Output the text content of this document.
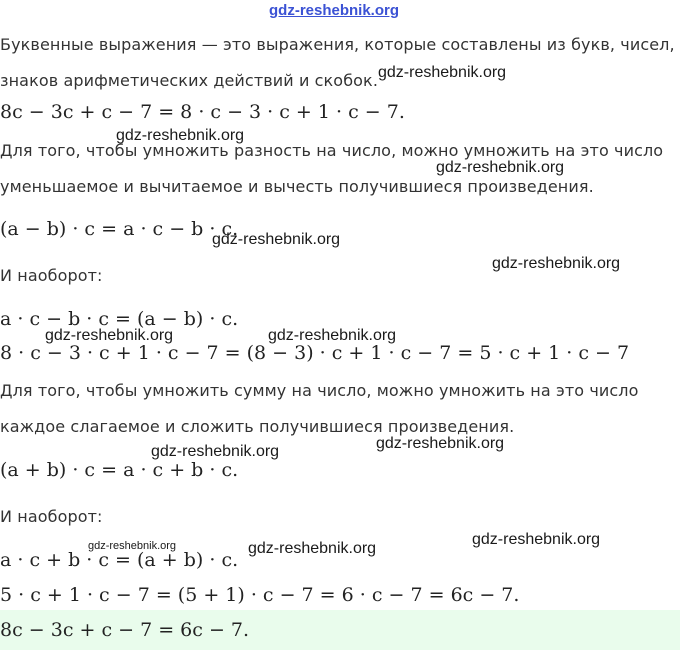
Буквенные выражения — это выражения, которые составлены из букв, чисел,
знаков арифметических действий и скобок.
Для того, чтобы умножить разность на число, можно умножить на это число
уменьшаемое и вычитаемое и вычесть получившиеся произведения.
И наоборот:
Для того, чтобы умножить сумму на число, можно умножить на это число
каждое слагаемое и сложить получившиеся произведения.
И наоборот:
8c − 3c + c − 7 = 8 · c − 3 · c + 1 · c − 7.
(a − b) · c = a · c − b · c.
a · c − b · c = (a − b) · c.
8 · c − 3 · c + 1 · c − 7 = (8 − 3) · c + 1 · c − 7 = 5 · c + 1 · c − 7
(a + b) · c = a · c + b · c.
a · c + b · c = (a + b) · c.
5 · c + 1 · c − 7 = (5 + 1) · c − 7 = 6 · c − 7 = 6c − 7.
8c − 3c + c − 7 = 6c − 7.
gdz-reshebnik.org
gdz-reshebnik.org
gdz-reshebnik.org
gdz-reshebnik.org
gdz-reshebnik.org
gdz-reshebnik.org
gdz-reshebnik.org	gdz-reshebnik.org
gdz-reshebnik.org
gdz-reshebnik.org
gdz-reshebnik.org
gdz-reshebnik.org
gdz-reshebnik.org
